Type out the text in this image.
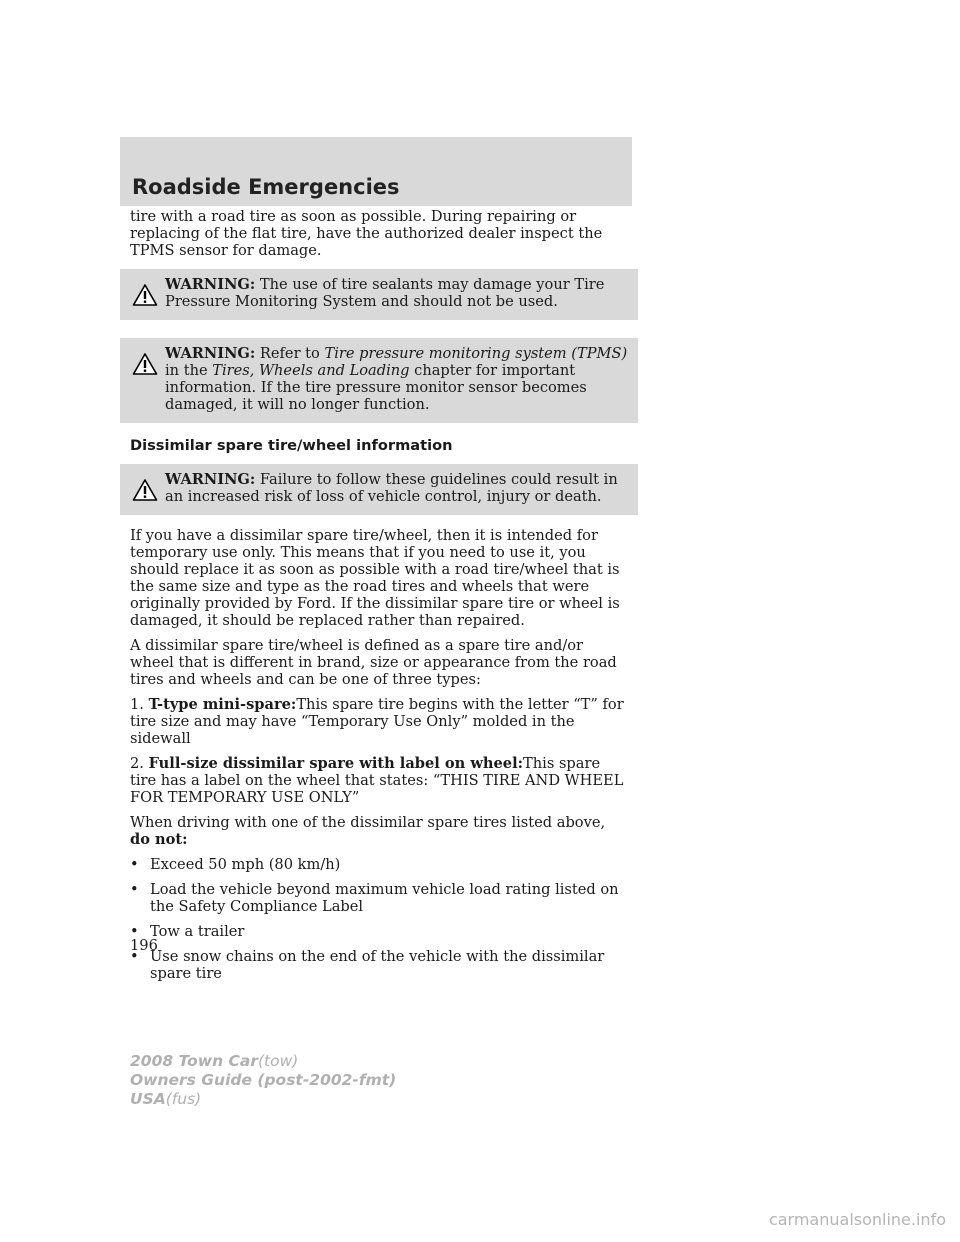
Roadside Emergencies

tire with a road tire as soon as possible. During repairing or replacing of the flat tire, have the authorized dealer inspect the TPMS sensor for damage.

WARNING: The use of tire sealants may damage your Tire Pressure Monitoring System and should not be used.
WARNING: Refer to Tire pressure monitoring system (TPMS)
in the Tires, Wheels and Loading chapter for important information. If the tire pressure monitor sensor becomes damaged, it will no longer function.
Dissimilar spare tire/wheel information
WARNING: Failure to follow these guidelines could result in an increased risk of loss of vehicle control, injury or death.

If you have a dissimilar spare tire/wheel, then it is intended for temporary use only. This means that if you need to use it, you should replace it as soon as possible with a road tire/wheel that is the same size and type as the road tires and wheels that were originally provided by Ford. If the dissimilar spare tire or wheel is damaged, it should be replaced rather than repaired.

A dissimilar spare tire/wheel is defined as a spare tire and/or wheel that is different in brand, size or appearance from the road tires and wheels and can be one of three types:

1. T-type mini-spare:This spare tire begins with the letter “T” for tire size and may have “Temporary Use Only” molded in the sidewall

2. Full-size dissimilar spare with label on wheel:This spare tire has a label on the wheel that states: “THIS TIRE AND WHEEL FOR TEMPORARY USE ONLY”

When driving with one of the dissimilar spare tires listed above, do not:

• Exceed 50 mph (80 km/h)
• Load the vehicle beyond maximum vehicle load rating listed on the Safety Compliance Label
• Tow a trailer
• Use snow chains on the end of the vehicle with the dissimilar spare tire
196
2008 Town Car(tow)
Owners Guide (post-2002-fmt)
USA(fus)
carmanualsonline.info
